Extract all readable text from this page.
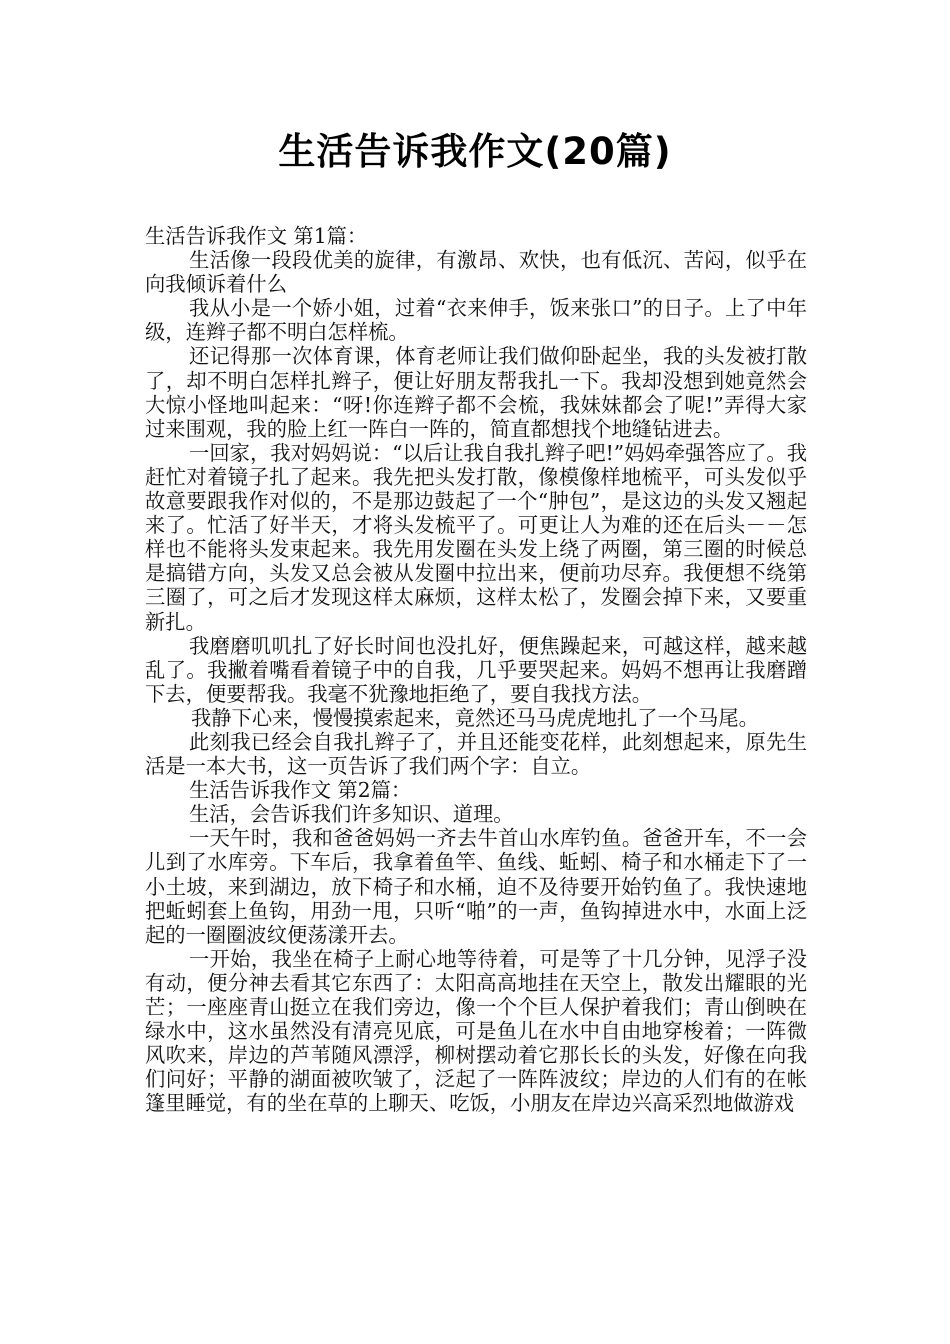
生活告诉我作文(20篇)

生活告诉我作文 第1篇：

生活像一段段优美的旋律，有激昂、欢快，也有低沉、苦闷，似乎在向我倾诉着什么

我从小是一个娇小姐，过着“衣来伸手，饭来张口”的日子。上了中年级，连辫子都不明白怎样梳。

还记得那一次体育课，体育老师让我们做仰卧起坐，我的头发被打散了，却不明白怎样扎辫子，便让好朋友帮我扎一下。我却没想到她竟然会大惊小怪地叫起来：“呀!你连辫子都不会梳，我妹妹都会了呢!”弄得大家过来围观，我的脸上红一阵白一阵的，简直都想找个地缝钻进去。

一回家，我对妈妈说：“以后让我自我扎辫子吧!”妈妈牵强答应了。我赶忙对着镜子扎了起来。我先把头发打散，像模像样地梳平，可头发似乎故意要跟我作对似的，不是那边鼓起了一个“肿包”，是这边的头发又翘起来了。忙活了好半天，才将头发梳平了。可更让人为难的还在后头－－怎样也不能将头发束起来。我先用发圈在头发上绕了两圈，第三圈的时候总是搞错方向，头发又总会被从发圈中拉出来，便前功尽弃。我便想不绕第三圈了，可之后才发现这样太麻烦，这样太松了，发圈会掉下来，又要重新扎。

我磨磨叽叽扎了好长时间也没扎好，便焦躁起来，可越这样，越来越乱了。我撇着嘴看着镜子中的自我，几乎要哭起来。妈妈不想再让我磨蹭下去，便要帮我。我毫不犹豫地拒绝了，要自我找方法。

我静下心来，慢慢摸索起来，竟然还马马虎虎地扎了一个马尾。

此刻我已经会自我扎辫子了，并且还能变花样，此刻想起来，原先生活是一本大书，这一页告诉了我们两个字：自立。

生活告诉我作文 第2篇：

生活，会告诉我们许多知识、道理。

一天午时，我和爸爸妈妈一齐去牛首山水库钓鱼。爸爸开车，不一会儿到了水库旁。下车后，我拿着鱼竿、鱼线、蚯蚓、椅子和水桶走下了一小土坡，来到湖边，放下椅子和水桶，迫不及待要开始钓鱼了。我快速地把蚯蚓套上鱼钩，用劲一甩，只听“啪”的一声，鱼钩掉进水中，水面上泛起的一圈圈波纹便荡漾开去。

一开始，我坐在椅子上耐心地等待着，可是等了十几分钟，见浮子没有动，便分神去看其它东西了：太阳高高地挂在天空上，散发出耀眼的光芒；一座座青山挺立在我们旁边，像一个个巨人保护着我们；青山倒映在绿水中，这水虽然没有清亮见底，可是鱼儿在水中自由地穿梭着；一阵微风吹来，岸边的芦苇随风漂浮，柳树摆动着它那长长的头发，好像在向我们问好；平静的湖面被吹皱了，泛起了一阵阵波纹；岸边的人们有的在帐篷里睡觉，有的坐在草的上聊天、吃饭，小朋友在岸边兴高采烈地做游戏
